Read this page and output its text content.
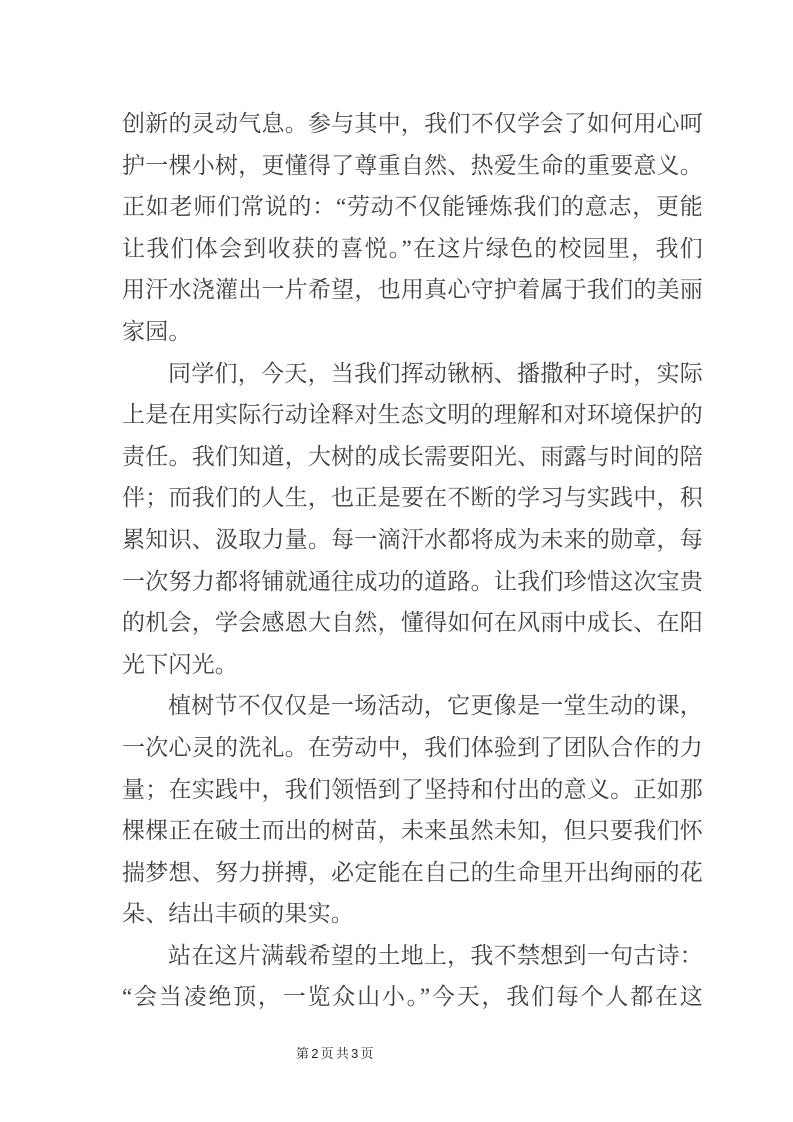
创新的灵动气息。参与其中，我们不仅学会了如何用心呵
护一棵小树，更懂得了尊重自然、热爱生命的重要意义。
正如老师们常说的：“劳动不仅能锤炼我们的意志，更能
让我们体会到收获的喜悦。”在这片绿色的校园里，我们
用汗水浇灌出一片希望，也用真心守护着属于我们的美丽
家园。

同学们，今天，当我们挥动锹柄、播撒种子时，实际
上是在用实际行动诠释对生态文明的理解和对环境保护的
责任。我们知道，大树的成长需要阳光、雨露与时间的陪
伴；而我们的人生，也正是要在不断的学习与实践中，积
累知识、汲取力量。每一滴汗水都将成为未来的勋章，每
一次努力都将铺就通往成功的道路。让我们珍惜这次宝贵
的机会，学会感恩大自然，懂得如何在风雨中成长、在阳
光下闪光。

植树节不仅仅是一场活动，它更像是一堂生动的课，
一次心灵的洗礼。在劳动中，我们体验到了团队合作的力
量；在实践中，我们领悟到了坚持和付出的意义。正如那
棵棵正在破土而出的树苗，未来虽然未知，但只要我们怀
揣梦想、努力拼搏，必定能在自己的生命里开出绚丽的花
朵、结出丰硕的果实。

站在这片满载希望的土地上，我不禁想到一句古诗：
“会当凌绝顶，一览众山小。”今天，我们每个人都在这

第2页共3页
